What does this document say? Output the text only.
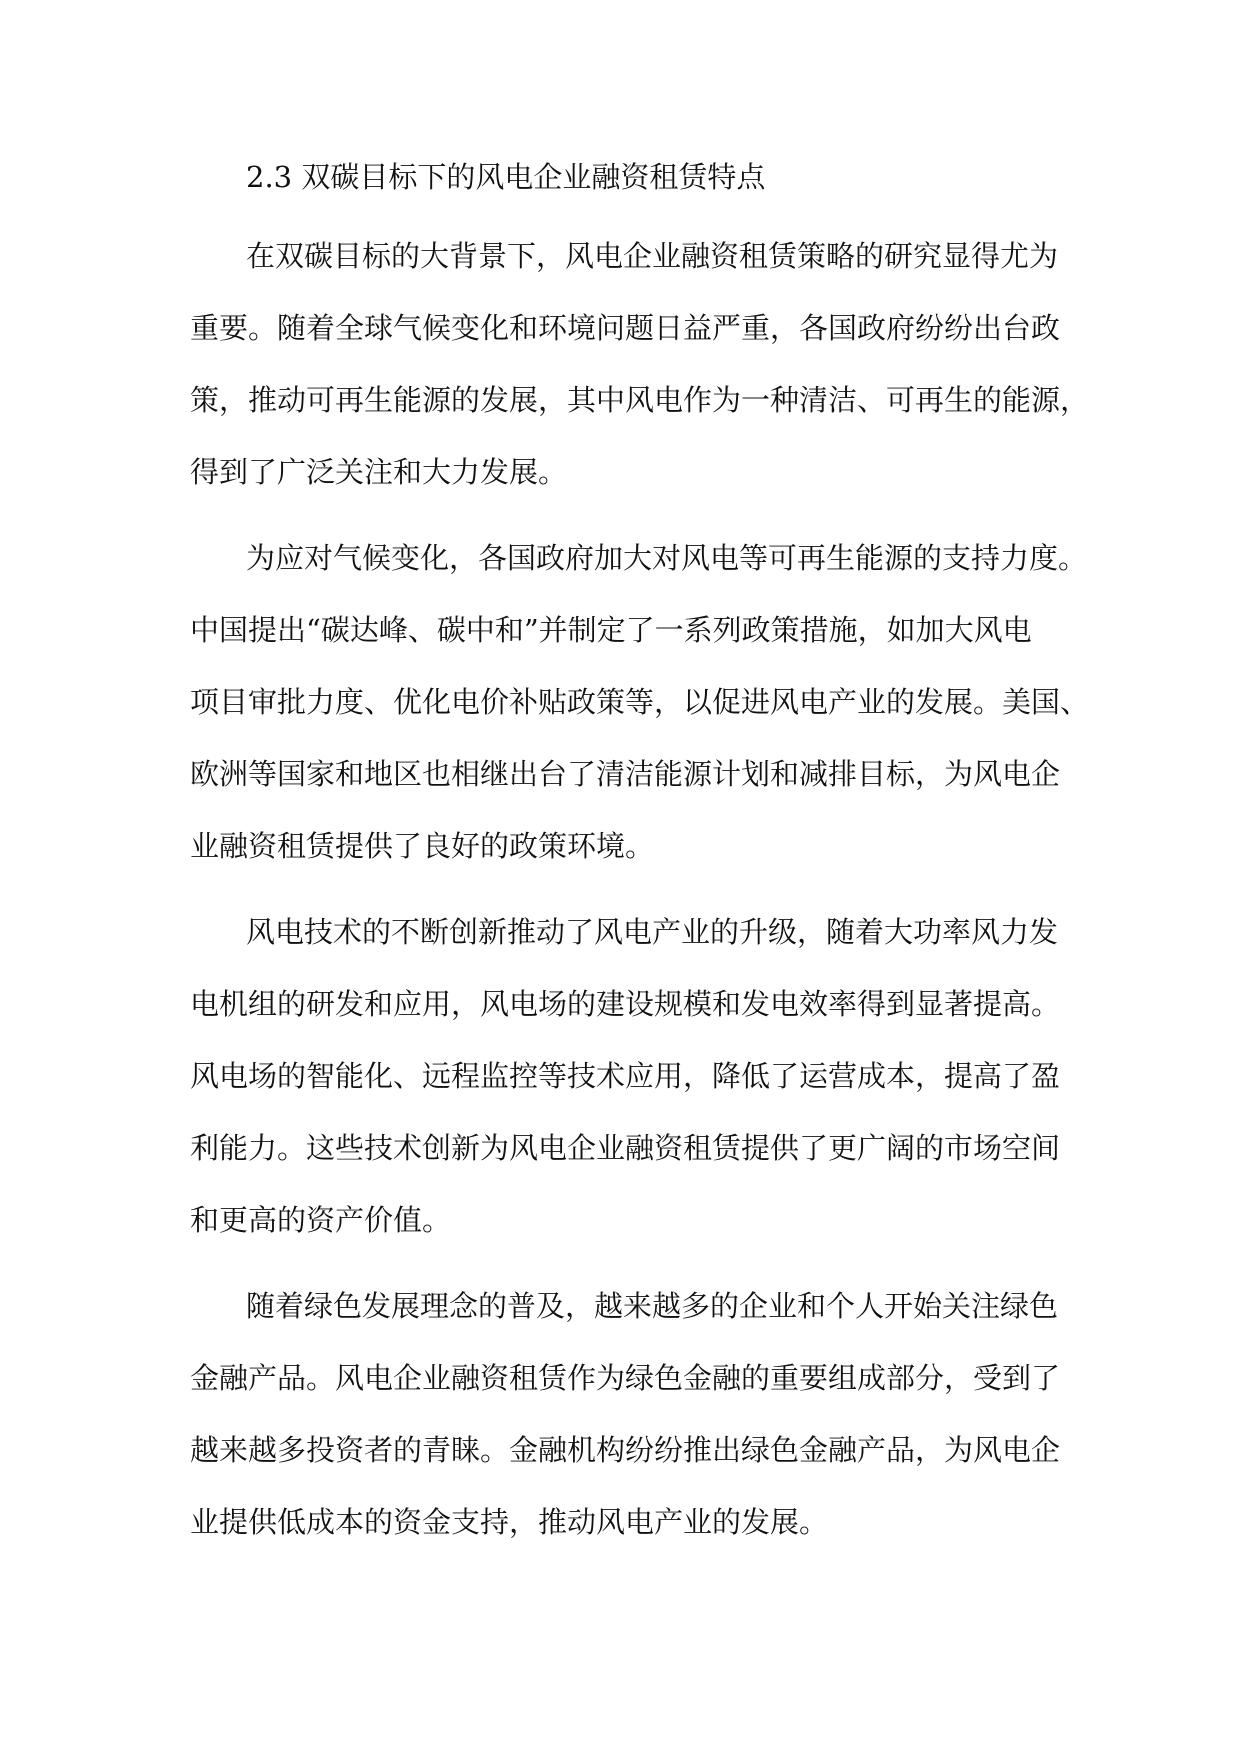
2.3 双碳目标下的风电企业融资租赁特点
在双碳目标的大背景下，风电企业融资租赁策略的研究显得尤为
重要。随着全球气候变化和环境问题日益严重，各国政府纷纷出台政
策，推动可再生能源的发展，其中风电作为一种清洁、可再生的能源，
得到了广泛关注和大力发展。
为应对气候变化，各国政府加大对风电等可再生能源的支持力度。
中国提出“碳达峰、碳中和”并制定了一系列政策措施，如加大风电
项目审批力度、优化电价补贴政策等，以促进风电产业的发展。美国、
欧洲等国家和地区也相继出台了清洁能源计划和减排目标，为风电企
业融资租赁提供了良好的政策环境。
风电技术的不断创新推动了风电产业的升级，随着大功率风力发
电机组的研发和应用，风电场的建设规模和发电效率得到显著提高。
风电场的智能化、远程监控等技术应用，降低了运营成本，提高了盈
利能力。这些技术创新为风电企业融资租赁提供了更广阔的市场空间
和更高的资产价值。
随着绿色发展理念的普及，越来越多的企业和个人开始关注绿色
金融产品。风电企业融资租赁作为绿色金融的重要组成部分，受到了
越来越多投资者的青睐。金融机构纷纷推出绿色金融产品，为风电企
业提供低成本的资金支持，推动风电产业的发展。
